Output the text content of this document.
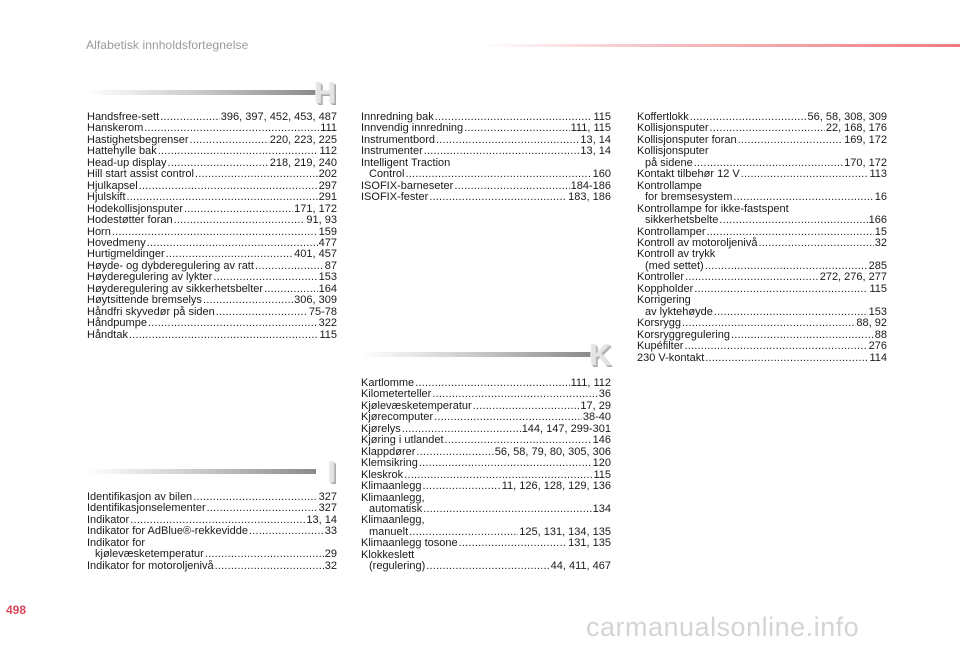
Alfabetisk innholdsfortegnelse
H
Handsfree-sett .....	396, 397, 452, 453, 487
Hanskerom .....	111
Hastighetsbegrenser .....	220, 223, 225
Hattehylle bak .....	112
Head-up display .....	218, 219, 240
Hill start assist control .....	202
Hjulkapsel .....	297
Hjulskift .....	291
Hodekollisjonsputer .....	171, 172
Hodestøtter foran .....	91, 93
Horn .....	159
Hovedmeny .....	477
Hurtigmeldinger .....	401, 457
Høyde- og dybderegulering av ratt .....	87
Høyderegulering av lykter .....	153
Høyderegulering av sikkerhetsbelter .....	164
Høytsittende bremselys .....	306, 309
Håndfri skyvedør på siden .....	75-78
Håndpumpe .....	322
Håndtak .....	115
I
Identifikasjon av bilen .....	327
Identifikasjonselementer .....	327
Indikator .....	13, 14
Indikator for AdBlue®-rekkevidde .....	33
Indikator for
kjølevæsketemperatur .....	29
Indikator for motoroljenivå .....	32
Innredning bak .....	115
Innvendig innredning .....	111, 115
Instrumentbord .....	13, 14
Instrumenter .....	13, 14
Intelligent Traction
Control .....	160
ISOFIX-barneseter .....	184-186
ISOFIX-fester .....	183, 186
K
Kartlomme .....	111, 112
Kilometerteller .....	36
Kjølevæsketemperatur .....	17, 29
Kjørecomputer .....	38-40
Kjørelys .....	144, 147, 299-301
Kjøring i utlandet .....	146
Klappdører .....	56, 58, 79, 80, 305, 306
Klemsikring .....	120
Kleskrok .....	115
Klimaanlegg .....	11, 126, 128, 129, 136
Klimaanlegg,
automatisk .....	134
Klimaanlegg,
manuelt .....	125, 131, 134, 135
Klimaanlegg tosone .....	131, 135
Klokkeslett
(regulering) .....	44, 411, 467
Koffertlokk .....	56, 58, 308, 309
Kollisjonsputer .....	22, 168, 176
Kollisjonsputer foran .....	169, 172
Kollisjonsputer
på sidene .....	170, 172
Kontakt tilbehør 12 V .....	113
Kontrollampe
for bremsesystem .....	16
Kontrollampe for ikke-fastspent
sikkerhetsbelte .....	166
Kontrollamper .....	15
Kontroll av motoroljenivå .....	32
Kontroll av trykk
(med settet) .....	285
Kontroller .....	272, 276, 277
Koppholder .....	115
Korrigering
av lyktehøyde .....	153
Korsrygg .....	88, 92
Korsryggregulering .....	88
Kupéfilter .....	276
230 V-kontakt .....	114
498
carmanualsonline.info
